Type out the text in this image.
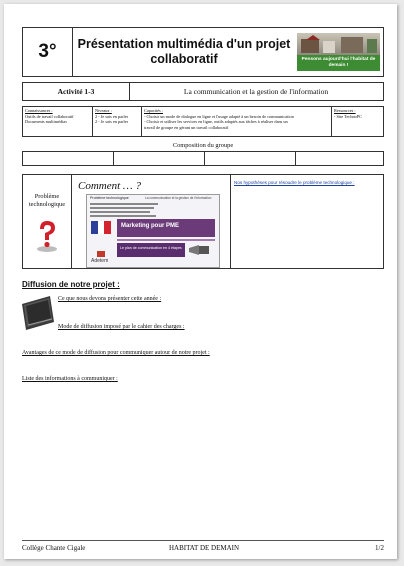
3° Présentation multimédia d'un projet collaboratif	Pensons aujourd'hui l'habitat de demain !
Activité 1-3	La communication et la gestion de l'information
Connaissances :
Outils de travail collaboratif
Documents multimédias
Niveaux :
2 - Je sais en parler
2 - Je sais en parler
Capacités :
- Choisir un mode de dialogue en ligne et l'usage adapté à un besoin de communication
- Choisir et utiliser les services en ligne, outils adaptés aux tâches à réaliser dans un
travail de groupe en gérant un travail collaboratif
Ressources :
- Site TechnoPC
Composition du groupe
Problème technologique
Comment … ?
Problème technologique	La communication et la gestion de l'information
Marketing pour PME
Le plan de communication en 4 étapes
Adetem
Nos hypothèses pour résoudre le problème technologique :
Diffusion de notre projet :
Ce que nous devons présenter cette année :
Mode de diffusion imposé par le cahier des charges :
Avantages de ce mode de diffusion pour communiquer autour de notre projet :
Liste des informations à communiquer :
Collège Chante Cigale	HABITAT DE DEMAIN	1/2
